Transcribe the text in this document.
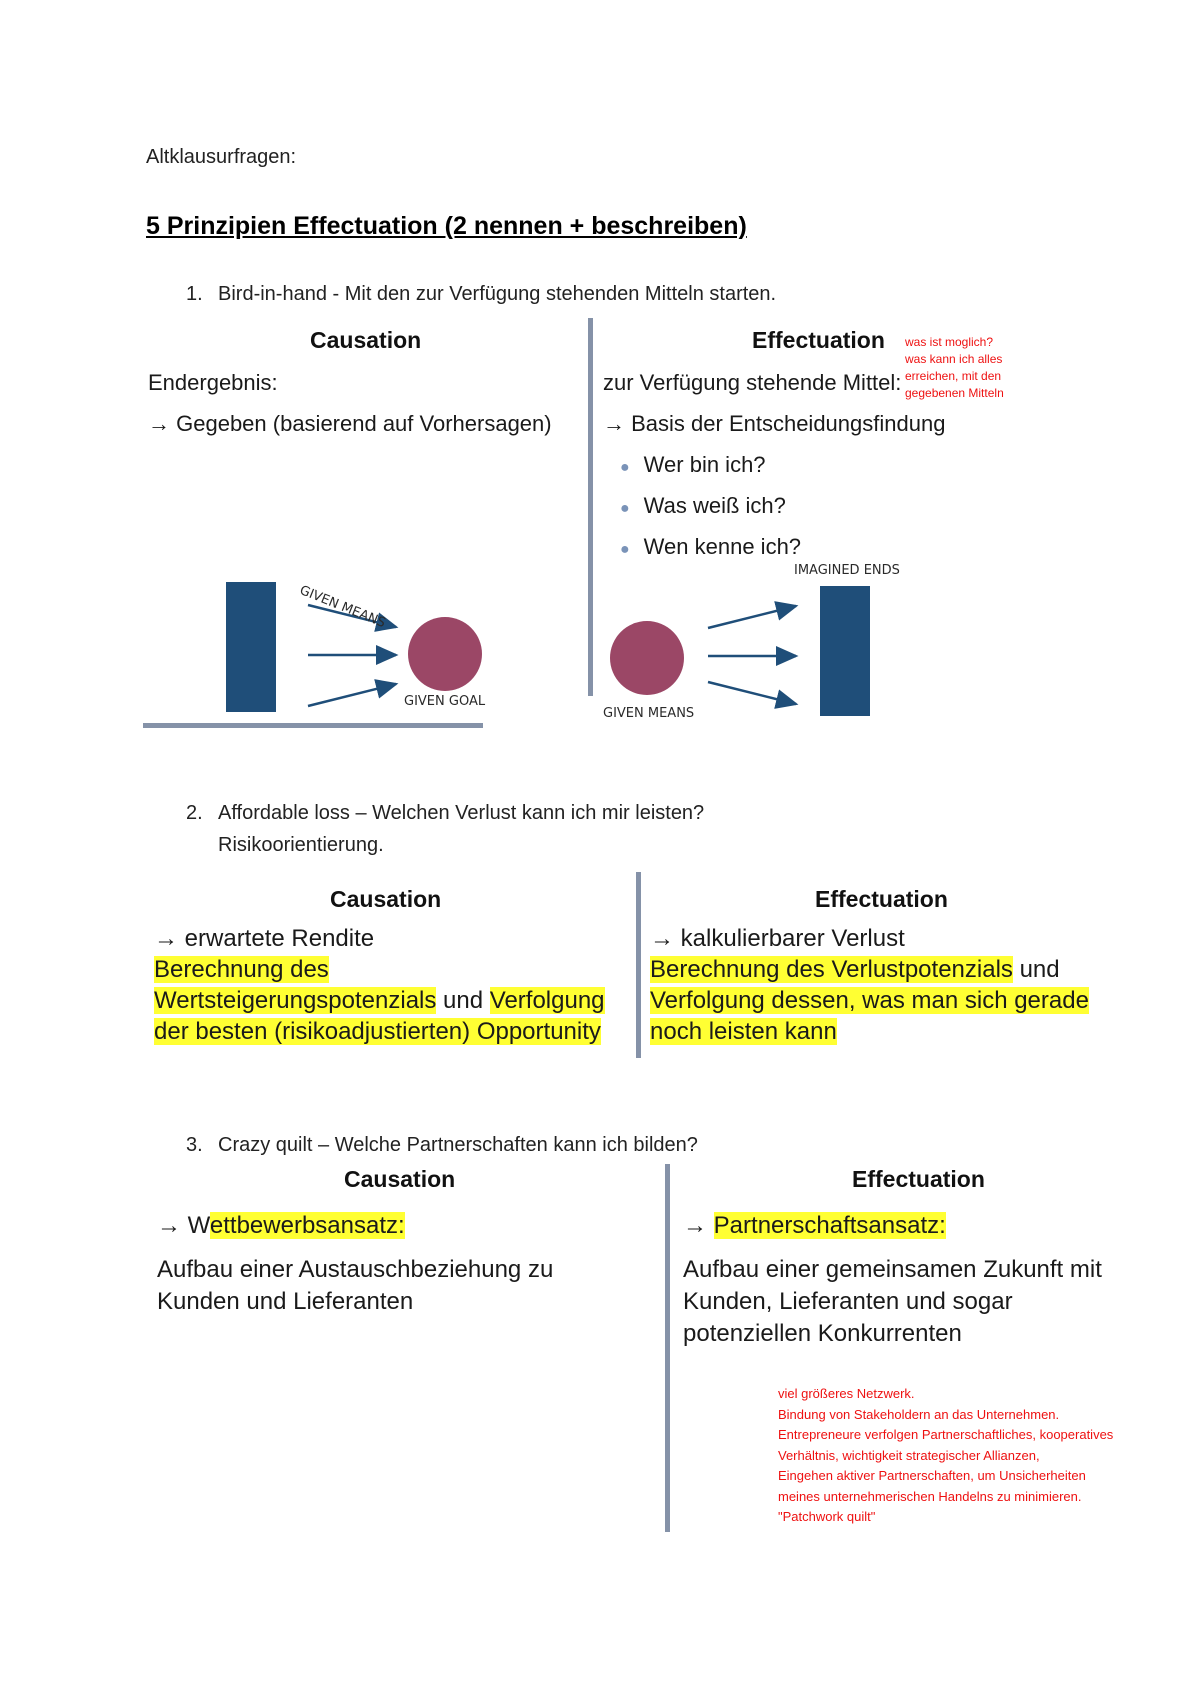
Altklausurfragen:
5 Prinzipien Effectuation (2 nennen + beschreiben)
1. Bird-in-hand - Mit den zur Verfügung stehenden Mitteln starten.
Causation
Endergebnis:
→ Gegeben (basierend auf Vorhersagen)
Effectuation
zur Verfügung stehende Mittel:
→ Basis der Entscheidungsfindung
● Wer bin ich?
● Was weiß ich?
● Wen kenne ich?
was ist moglich?
was kann ich alles
erreichen, mit den
gegebenen Mitteln
GIVEN MEANS
GIVEN GOAL
IMAGINED ENDS
GIVEN MEANS
2. Affordable loss – Welchen Verlust kann ich mir leisten?
Risikoorientierung.
Causation
→ erwartete Rendite
Berechnung des
Wertsteigerungspotenzials und Verfolgung
der besten (risikoadjustierten) Opportunity
Effectuation
→ kalkulierbarer Verlust
Berechnung des Verlustpotenzials und
Verfolgung dessen, was man sich gerade
noch leisten kann
3. Crazy quilt – Welche Partnerschaften kann ich bilden?
Causation
→ Wettbewerbsansatz:
Aufbau einer Austauschbeziehung zu
Kunden und Lieferanten
Effectuation
→ Partnerschaftsansatz:
Aufbau einer gemeinsamen Zukunft mit
Kunden, Lieferanten und sogar
potenziellen Konkurrenten
viel größeres Netzwerk.
Bindung von Stakeholdern an das Unternehmen.
Entrepreneure verfolgen Partnerschaftliches, kooperatives
Verhältnis, wichtigkeit strategischer Allianzen,
Eingehen aktiver Partnerschaften, um Unsicherheiten
meines unternehmerischen Handelns zu minimieren.
"Patchwork quilt"
